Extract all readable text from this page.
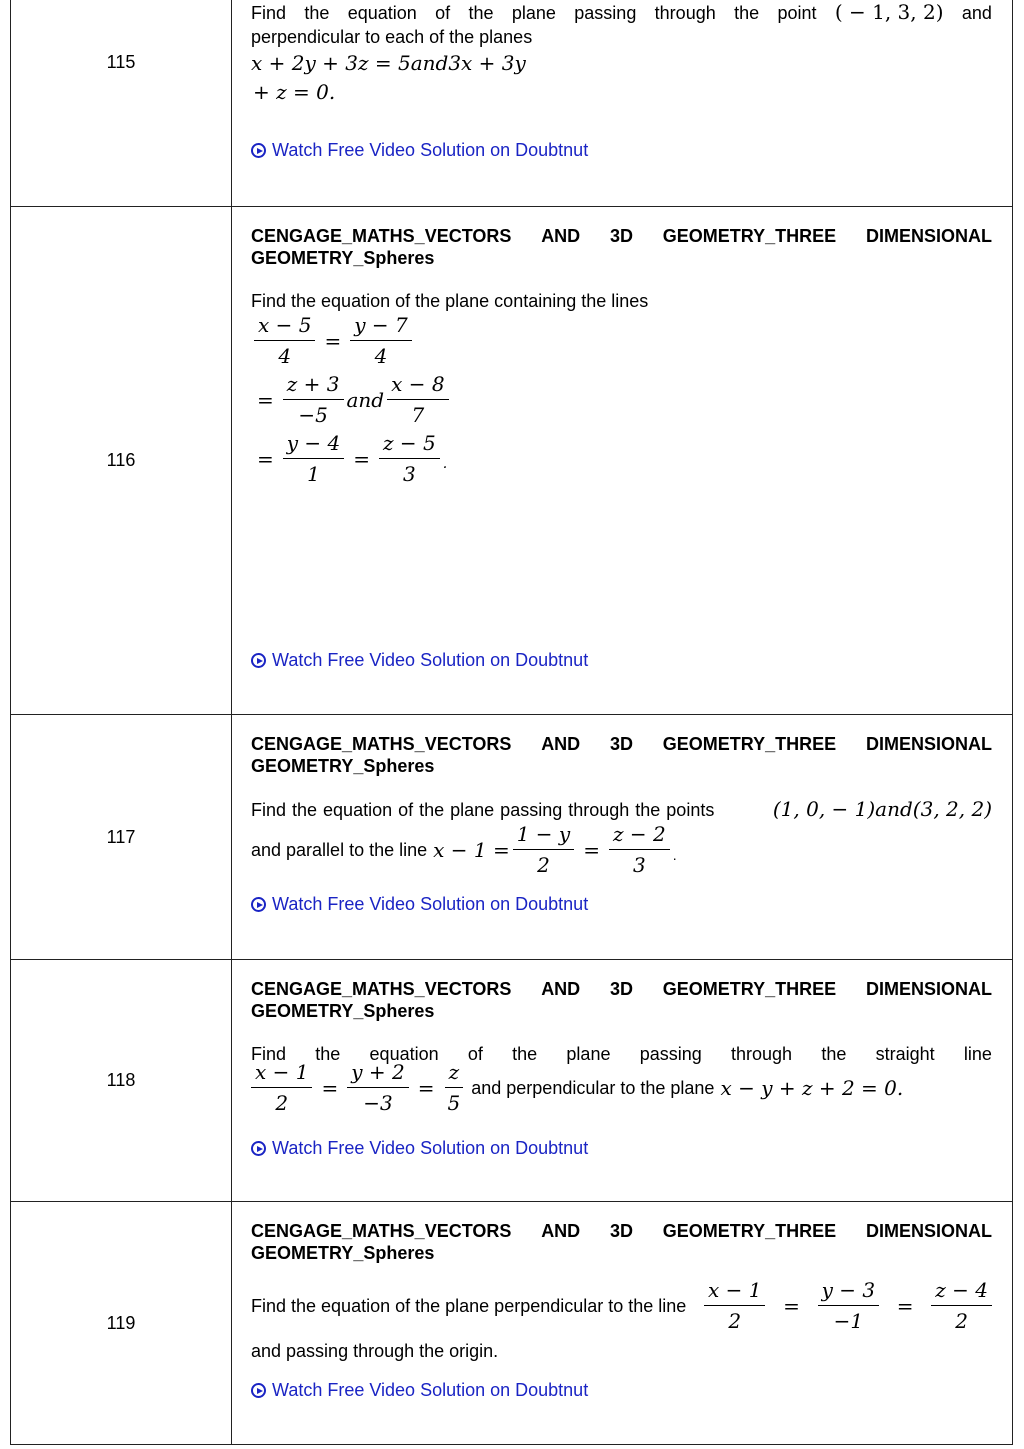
115
Find the equation of the plane passing through the point ( − 1, 3, 2) and
perpendicular to each of the planes
x + 2y + 3z = 5and3x + 3y
+ z = 0.
Watch Free Video Solution on Doubtnut
116
CENGAGE_MATHS_VECTORS AND 3D GEOMETRY_THREE DIMENSIONAL
GEOMETRY_Spheres
Find the equation of the plane containing the lines
$\frac{x - 5}{4} = \frac{y - 7}{4}$
= $\frac{z + 3}{-5}$ and $\frac{x - 8}{7}$
= $\frac{y - 4}{1} = \frac{z - 5}{3}$ .
Watch Free Video Solution on Doubtnut
117
CENGAGE_MATHS_VECTORS AND 3D GEOMETRY_THREE DIMENSIONAL
GEOMETRY_Spheres
Find the equation of the plane passing through the points	(1, 0, − 1)and(3, 2, 2)
and parallel to the line $x - 1 = \frac{1 - y}{2} = \frac{z - 2}{3}$ .
Watch Free Video Solution on Doubtnut
118
CENGAGE_MATHS_VECTORS AND 3D GEOMETRY_THREE DIMENSIONAL
GEOMETRY_Spheres
Find the equation of the plane passing through the straight line
$\frac{x - 1}{2} = \frac{y + 2}{-3} = \frac{z}{5}$ and perpendicular to the plane x − y + z + 2 = 0.
Watch Free Video Solution on Doubtnut
119
CENGAGE_MATHS_VECTORS AND 3D GEOMETRY_THREE DIMENSIONAL
GEOMETRY_Spheres
Find the equation of the plane perpendicular to the line $\frac{x - 1}{2} = \frac{y - 3}{-1} = \frac{z - 4}{2}$
and passing through the origin.
Watch Free Video Solution on Doubtnut
